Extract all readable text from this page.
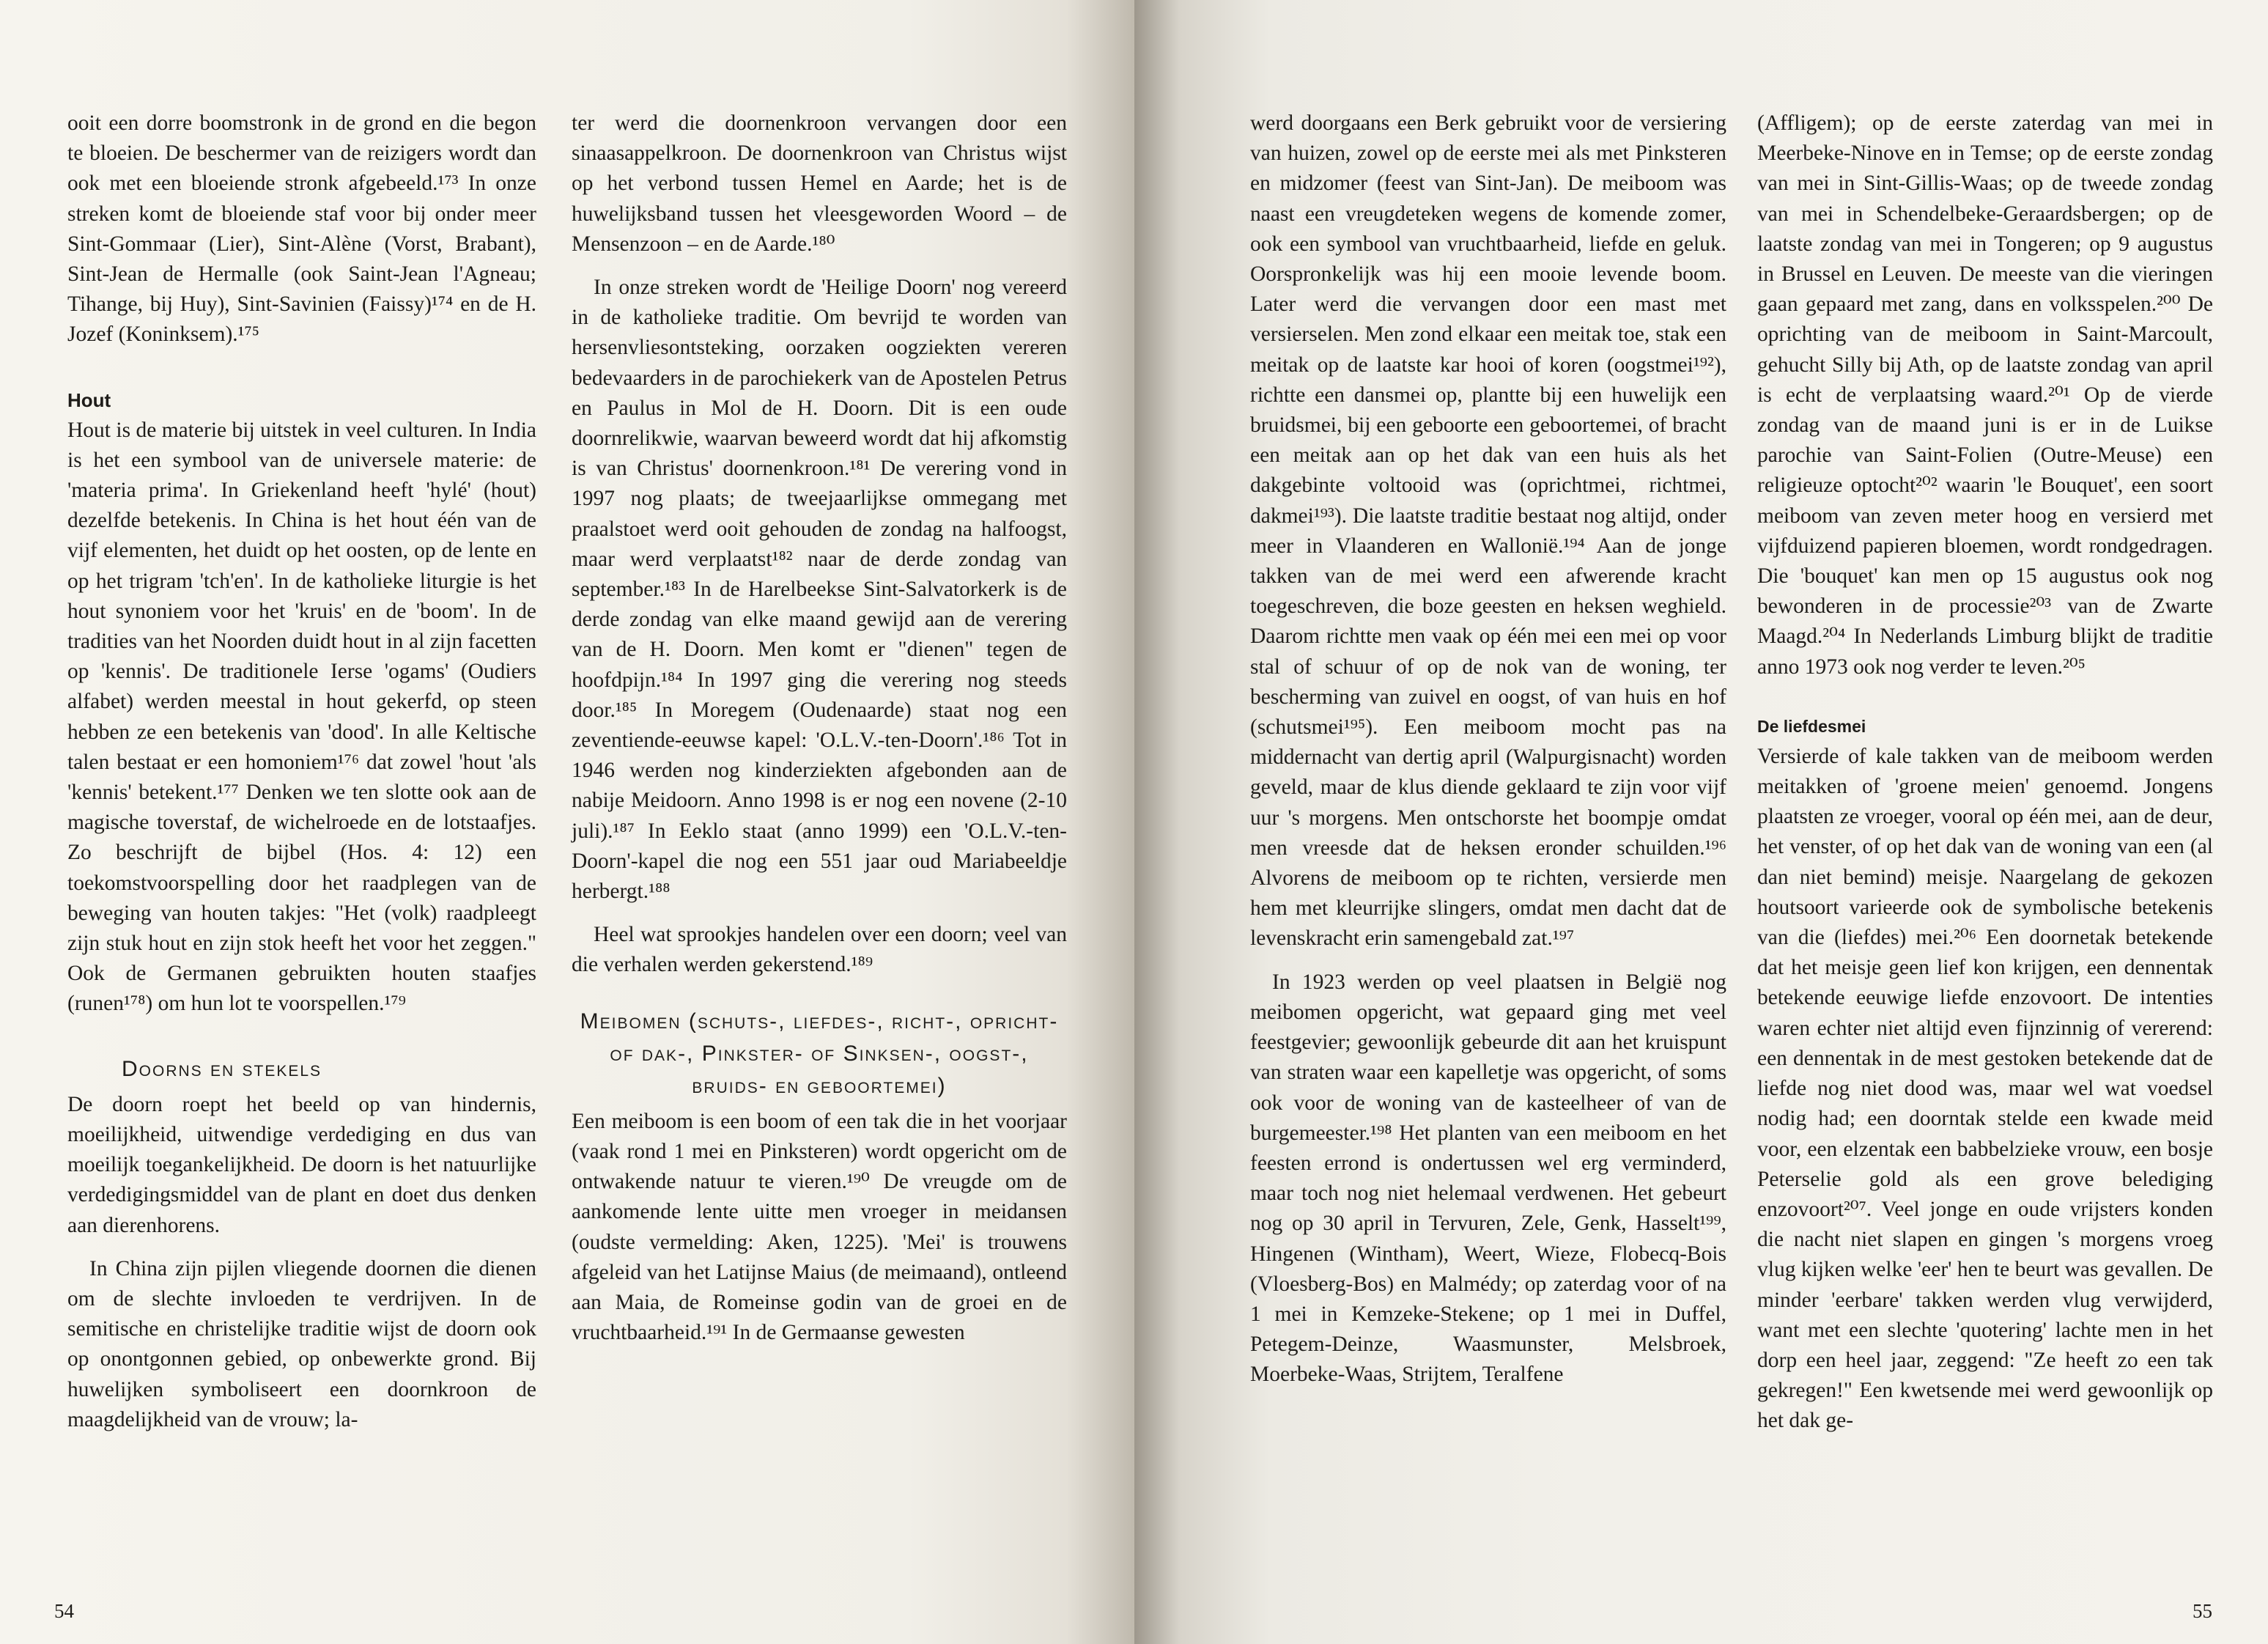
ooit een dorre boomstronk in de grond en die begon te bloeien. De beschermer van de reizigers wordt dan ook met een bloeiende stronk afgebeeld.¹⁷³ In onze streken komt de bloeiende staf voor bij onder meer Sint-Gommaar (Lier), Sint-Alène (Vorst, Brabant), Sint-Jean de Hermalle (ook Saint-Jean l'Agneau; Tihange, bij Huy), Sint-Savinien (Faissy)¹⁷⁴ en de H. Jozef (Koninksem).¹⁷⁵

Hout

Hout is de materie bij uitstek in veel culturen. In India is het een symbool van de universele materie: de 'materia prima'. In Griekenland heeft 'hylé' (hout) dezelfde betekenis. In China is het hout één van de vijf elementen, het duidt op het oosten, op de lente en op het trigram 'tch'en'. In de katholieke liturgie is het hout synoniem voor het 'kruis' en de 'boom'. In de tradities van het Noorden duidt hout in al zijn facetten op 'kennis'. De traditionele Ierse 'ogams' (Oudiers alfabet) werden meestal in hout gekerfd, op steen hebben ze een betekenis van 'dood'. In alle Keltische talen bestaat er een homoniem¹⁷⁶ dat zowel 'hout 'als 'kennis' betekent.¹⁷⁷ Denken we ten slotte ook aan de magische toverstaf, de wichelroede en de lotstaafjes. Zo beschrijft de bijbel (Hos. 4: 12) een toekomstvoorspelling door het raadplegen van de beweging van houten takjes: "Het (volk) raadpleegt zijn stuk hout en zijn stok heeft het voor het zeggen." Ook de Germanen gebruikten houten staafjes (runen¹⁷⁸) om hun lot te voorspellen.¹⁷⁹

Doorns en stekels

De doorn roept het beeld op van hindernis, moeilijkheid, uitwendige verdediging en dus van moeilijk toegankelijkheid. De doorn is het natuurlijke verdedigingsmiddel van de plant en doet dus denken aan dierenhorens.

In China zijn pijlen vliegende doornen die dienen om de slechte invloeden te verdrijven. In de semitische en christelijke traditie wijst de doorn ook op onontgonnen gebied, op onbewerkte grond. Bij huwelijken symboliseert een doornkroon de maagdelijkheid van de vrouw; la-

ter werd die doornenkroon vervangen door een sinaasappelkroon. De doornenkroon van Christus wijst op het verbond tussen Hemel en Aarde; het is de huwelijksband tussen het vleesgeworden Woord – de Mensenzoon – en de Aarde.¹⁸⁰

In onze streken wordt de 'Heilige Doorn' nog vereerd in de katholieke traditie. Om bevrijd te worden van hersenvliesontsteking, oorzaken oogziekten vereren bedevaarders in de parochiekerk van de Apostelen Petrus en Paulus in Mol de H. Doorn. Dit is een oude doornrelikwie, waarvan beweerd wordt dat hij afkomstig is van Christus' doornenkroon.¹⁸¹ De verering vond in 1997 nog plaats; de tweejaarlijkse ommegang met praalstoet werd ooit gehouden de zondag na halfoogst, maar werd verplaatst¹⁸² naar de derde zondag van september.¹⁸³ In de Harelbeekse Sint-Salvatorkerk is de derde zondag van elke maand gewijd aan de verering van de H. Doorn. Men komt er "dienen" tegen de hoofdpijn.¹⁸⁴ In 1997 ging die verering nog steeds door.¹⁸⁵ In Moregem (Oudenaarde) staat nog een zeventiende-eeuwse kapel: 'O.L.V.-ten-Doorn'.¹⁸⁶ Tot in 1946 werden nog kinderziekten afgebonden aan de nabije Meidoorn. Anno 1998 is er nog een novene (2-10 juli).¹⁸⁷ In Eeklo staat (anno 1999) een 'O.L.V.-ten-Doorn'-kapel die nog een 551 jaar oud Mariabeeldje herbergt.¹⁸⁸

Heel wat sprookjes handelen over een doorn; veel van die verhalen werden gekerstend.¹⁸⁹

Meibomen (schuts-, liefdes-, richt-, opricht- of dak-, Pinkster- of Sinksen-, oogst-, bruids- en geboortemei)

Een meiboom is een boom of een tak die in het voorjaar (vaak rond 1 mei en Pinksteren) wordt opgericht om de ontwakende natuur te vieren.¹⁹⁰ De vreugde om de aankomende lente uitte men vroeger in meidansen (oudste vermelding: Aken, 1225). 'Mei' is trouwens afgeleid van het Latijnse Maius (de meimaand), ontleend aan Maia, de Romeinse godin van de groei en de vruchtbaarheid.¹⁹¹ In de Germaanse gewesten

54

werd doorgaans een Berk gebruikt voor de versiering van huizen, zowel op de eerste mei als met Pinksteren en midzomer (feest van Sint-Jan). De meiboom was naast een vreugdeteken wegens de komende zomer, ook een symbool van vruchtbaarheid, liefde en geluk. Oorspronkelijk was hij een mooie levende boom. Later werd die vervangen door een mast met versierselen. Men zond elkaar een meitak toe, stak een meitak op de laatste kar hooi of koren (oogstmei¹⁹²), richtte een dansmei op, plantte bij een huwelijk een bruidsmei, bij een geboorte een geboortemei, of bracht een meitak aan op het dak van een huis als het dakgebinte voltooid was (oprichtmei, richtmei, dakmei¹⁹³). Die laatste traditie bestaat nog altijd, onder meer in Vlaanderen en Wallonië.¹⁹⁴ Aan de jonge takken van de mei werd een afwerende kracht toegeschreven, die boze geesten en heksen weghield. Daarom richtte men vaak op één mei een mei op voor stal of schuur of op de nok van de woning, ter bescherming van zuivel en oogst, of van huis en hof (schutsmei¹⁹⁵). Een meiboom mocht pas na middernacht van dertig april (Walpurgisnacht) worden geveld, maar de klus diende geklaard te zijn voor vijf uur 's morgens. Men ontschorste het boompje omdat men vreesde dat de heksen eronder schuilden.¹⁹⁶ Alvorens de meiboom op te richten, versierde men hem met kleurrijke slingers, omdat men dacht dat de levenskracht erin samengebald zat.¹⁹⁷

In 1923 werden op veel plaatsen in België nog meibomen opgericht, wat gepaard ging met veel feestgevier; gewoonlijk gebeurde dit aan het kruispunt van straten waar een kapelletje was opgericht, of soms ook voor de woning van de kasteelheer of van de burgemeester.¹⁹⁸ Het planten van een meiboom en het feesten errond is ondertussen wel erg verminderd, maar toch nog niet helemaal verdwenen. Het gebeurt nog op 30 april in Tervuren, Zele, Genk, Hasselt¹⁹⁹, Hingenen (Wintham), Weert, Wieze, Flobecq-Bois (Vloesberg-Bos) en Malmédy; op zaterdag voor of na 1 mei in Kemzeke-Stekene; op 1 mei in Duffel, Petegem-Deinze, Waasmunster, Melsbroek, Moerbeke-Waas, Strijtem, Teralfene

(Affligem); op de eerste zaterdag van mei in Meerbeke-Ninove en in Temse; op de eerste zondag van mei in Sint-Gillis-Waas; op de tweede zondag van mei in Schendelbeke-Geraardsbergen; op de laatste zondag van mei in Tongeren; op 9 augustus in Brussel en Leuven. De meeste van die vieringen gaan gepaard met zang, dans en volksspelen.²⁰⁰ De oprichting van de meiboom in Saint-Marcoult, gehucht Silly bij Ath, op de laatste zondag van april is echt de verplaatsing waard.²⁰¹ Op de vierde zondag van de maand juni is er in de Luikse parochie van Saint-Folien (Outre-Meuse) een religieuze optocht²⁰² waarin 'le Bouquet', een soort meiboom van zeven meter hoog en versierd met vijfduizend papieren bloemen, wordt rondgedragen. Die 'bouquet' kan men op 15 augustus ook nog bewonderen in de processie²⁰³ van de Zwarte Maagd.²⁰⁴ In Nederlands Limburg blijkt de traditie anno 1973 ook nog verder te leven.²⁰⁵

De liefdesmei

Versierde of kale takken van de meiboom werden meitakken of 'groene meien' genoemd. Jongens plaatsten ze vroeger, vooral op één mei, aan de deur, het venster, of op het dak van de woning van een (al dan niet bemind) meisje. Naargelang de gekozen houtsoort varieerde ook de symbolische betekenis van die (liefdes) mei.²⁰⁶ Een doornetak betekende dat het meisje geen lief kon krijgen, een dennentak betekende eeuwige liefde enzovoort. De intenties waren echter niet altijd even fijnzinnig of vererend: een dennentak in de mest gestoken betekende dat de liefde nog niet dood was, maar wel wat voedsel nodig had; een doorntak stelde een kwade meid voor, een elzentak een babbelzieke vrouw, een bosje Peterselie gold als een grove belediging enzovoort²⁰⁷. Veel jonge en oude vrijsters konden die nacht niet slapen en gingen 's morgens vroeg vlug kijken welke 'eer' hen te beurt was gevallen. De minder 'eerbare' takken werden vlug verwijderd, want met een slechte 'quotering' lachte men in het dorp een heel jaar, zeggend: "Ze heeft zo een tak gekregen!" Een kwetsende mei werd gewoonlijk op het dak ge-

55
